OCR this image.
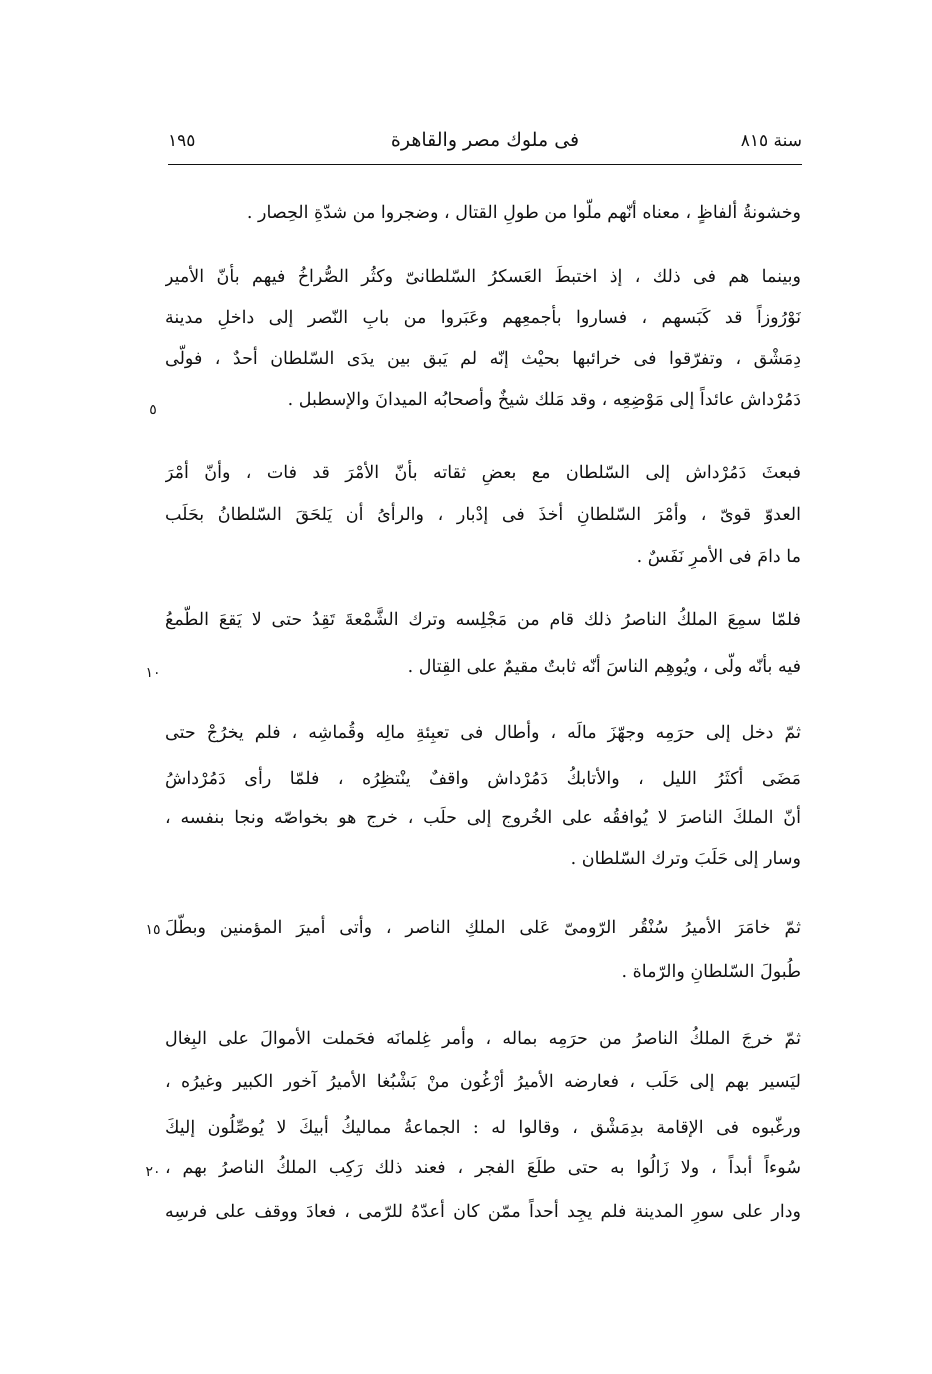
سنة ٨١٥
فى ملوك مصر والقاهرة
١٩٥
وخشونةُ ألفاظٍ ، معناه أنّهم ملّوا من طولِ القتال ، وضجروا من شدّةِ الحِصار .
وبينما هم فى ذلك ، إذ اختبطَ العَسكرُ السّلطانىّ وكثُر الصُّراخُ فيهم بأنّ الأمير
نَوْرُوزاً قد كَبَسهم ، فساروا بأجمعِهم وعَبَروا من بابِ النّصر إلى داخلِ مدينة
دِمَشْق ، وتفرّقوا فى خرائبها بحيْث إنّه لم يَبق بين يدَى السّلطان أحدٌ ، فولّى
دَمُرْداش عائداً إلى مَوْضِعِه ، وقد مَلك شيخٌ وأصحابُه الميدانَ والإسطبل .
فبعثَ دَمُرْداش إلى السّلطان مع بعضِ ثقاته بأنّ الأمْرَ قد فات ، وأنّ أمْرَ
العدوّ قوىّ ، وأمْرَ السّلطانِ أخذَ فى إدْبار ، والرأىُ أن يَلحَقَ السّلطانُ بحَلَب
ما دامَ فى الأمرِ نَفَسٌ .
فلمّا سمِعَ الملكُ الناصرُ ذلك قام من مَجْلِسه وترك الشَّمْعةَ تَقِدُ حتى لا يَقعَ الطّمعُ
فيه بأنّه ولّى ، ويُوهِم الناسَ أنّه ثابتٌ مقيمٌ على القِتال .
ثمّ دخل إلى حرَمِه وجهّزَ مالَه ، وأطال فى تعبِئةِ مالِه وقُماشِه ، فلم يخرُجْ حتى
مَضَى أكثَرُ الليل ، والأتابكُ دَمُرْداش واقفٌ ينْتظِرُه ، فلمّا رأى دَمُرْداشُ
أنّ الملكَ الناصرَ لا يُوافقُه على الخُروج إلى حلَب ، خرج هو بخواصّه ونجا بنفسه ،
وسار إلى حَلَبَ وترك السّلطان .
ثمّ خامَرَ الأميرُ سُنْقُر الرّومىّ عَلى الملكِ الناصر ، وأتى أميرَ المؤمنين وبطّلَ
طُبولَ السّلطانِ والرّماة .
ثمّ خرجَ الملكُ الناصرُ من حرَمِه بماله ، وأمر غِلمانَه فحَملت الأموالَ على البِغال
ليَسير بهم إلى حَلَب ، فعارضه الأميرُ أرْغُون منْ بَشْبُغا الأميرُ آخور الكبير وغيرُه ،
ورغّبوه فى الإقامة بدِمَشْق ، وقالوا له : الجماعةُ مماليكُ أبيكَ لا يُوصِّلُون إليكَ
سُوءاً أبداً ، ولا زَالُوا به حتى طلَعَ الفجر ، فعند ذلك رَكِب الملكُ الناصرُ بهم ،
ودار على سورِ المدينة فلم يجِد أحداً ممّن كان أعدّهُ للرّمى ، فعادَ ووقف على فرسِه
٥
١٠
١٥
٢٠
